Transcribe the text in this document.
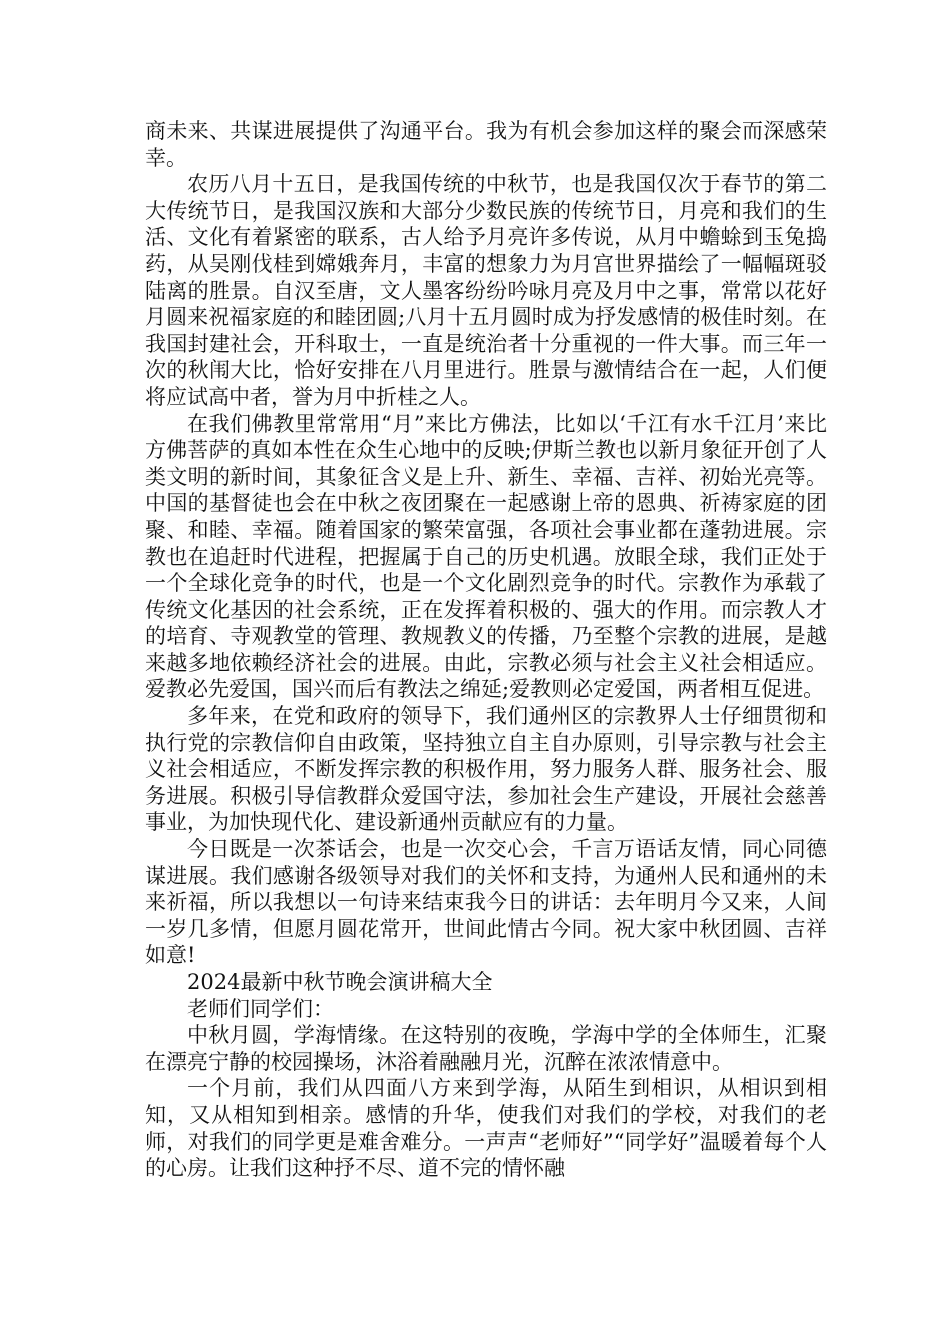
商未来、共谋进展提供了沟通平台。我为有机会参加这样的聚会而深感荣幸。

农历八月十五日，是我国传统的中秋节，也是我国仅次于春节的第二大传统节日，是我国汉族和大部分少数民族的传统节日，月亮和我们的生活、文化有着紧密的联系，古人给予月亮许多传说，从月中蟾蜍到玉兔捣药，从吴刚伐桂到嫦娥奔月，丰富的想象力为月宫世界描绘了一幅幅斑驳陆离的胜景。自汉至唐，文人墨客纷纷吟咏月亮及月中之事，常常以花好月圆来祝福家庭的和睦团圆;八月十五月圆时成为抒发感情的极佳时刻。在我国封建社会，开科取士，一直是统治者十分重视的一件大事。而三年一次的秋闱大比，恰好安排在八月里进行。胜景与激情结合在一起，人们便将应试高中者，誉为月中折桂之人。

在我们佛教里常常用“月”来比方佛法，比如以‘千江有水千江月’来比方佛菩萨的真如本性在众生心地中的反映;伊斯兰教也以新月象征开创了人类文明的新时间，其象征含义是上升、新生、幸福、吉祥、初始光亮等。中国的基督徒也会在中秋之夜团聚在一起感谢上帝的恩典、祈祷家庭的团聚、和睦、幸福。随着国家的繁荣富强，各项社会事业都在蓬勃进展。宗教也在追赶时代进程，把握属于自己的历史机遇。放眼全球，我们正处于一个全球化竞争的时代，也是一个文化剧烈竞争的时代。宗教作为承载了传统文化基因的社会系统，正在发挥着积极的、强大的作用。而宗教人才的培育、寺观教堂的管理、教规教义的传播，乃至整个宗教的进展，是越来越多地依赖经济社会的进展。由此，宗教必须与社会主义社会相适应。爱教必先爱国，国兴而后有教法之绵延;爱教则必定爱国，两者相互促进。

多年来，在党和政府的领导下，我们通州区的宗教界人士仔细贯彻和执行党的宗教信仰自由政策，坚持独立自主自办原则，引导宗教与社会主义社会相适应，不断发挥宗教的积极作用，努力服务人群、服务社会、服务进展。积极引导信教群众爱国守法，参加社会生产建设，开展社会慈善事业，为加快现代化、建设新通州贡献应有的力量。

今日既是一次茶话会，也是一次交心会，千言万语话友情，同心同德谋进展。我们感谢各级领导对我们的关怀和支持，为通州人民和通州的未来祈福，所以我想以一句诗来结束我今日的讲话：去年明月今又来，人间一岁几多情，但愿月圆花常开，世间此情古今同。祝大家中秋团圆、吉祥如意!

2024最新中秋节晚会演讲稿大全

老师们同学们：

中秋月圆，学海情缘。在这特别的夜晚，学海中学的全体师生，汇聚在漂亮宁静的校园操场，沐浴着融融月光，沉醉在浓浓情意中。

一个月前，我们从四面八方来到学海，从陌生到相识，从相识到相知，又从相知到相亲。感情的升华，使我们对我们的学校，对我们的老师，对我们的同学更是难舍难分。一声声“老师好”“同学好”温暖着每个人的心房。让我们这种抒不尽、道不完的情怀融
